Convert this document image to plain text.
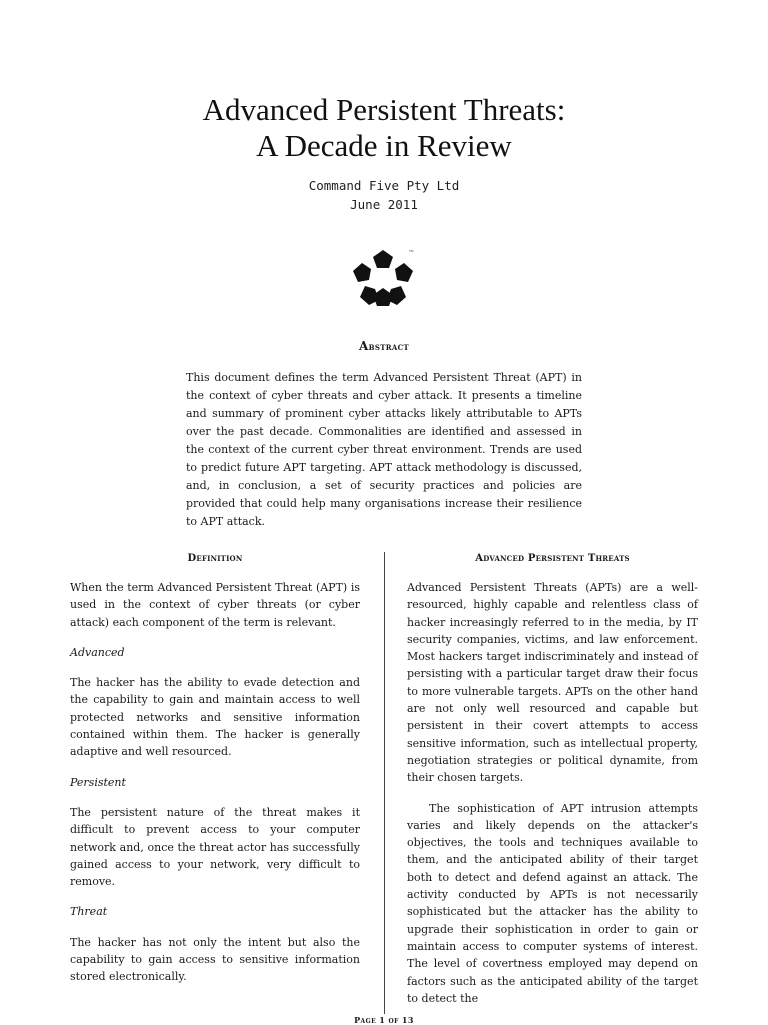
Advanced Persistent Threats:
A Decade in Review
Command Five Pty Ltd
June 2011
TM
Abstract
This document defines the term Advanced Persistent Threat (APT) in the context of cyber threats and cyber attack. It presents a timeline and summary of prominent cyber attacks likely attributable to APTs over the past decade. Commonalities are identified and assessed in the context of the current cyber threat environment. Trends are used to predict future APT targeting. APT attack methodology is discussed, and, in conclusion, a set of security practices and policies are provided that could help many organisations increase their resilience to APT attack.
Definition

When the term Advanced Persistent Threat (APT) is used in the context of cyber threats (or cyber attack) each component of the term is relevant.

Advanced

The hacker has the ability to evade detection and the capability to gain and maintain access to well protected networks and sensitive information contained within them. The hacker is generally adaptive and well resourced.

Persistent

The persistent nature of the threat makes it difficult to prevent access to your computer network and, once the threat actor has successfully gained access to your network, very difficult to remove.

Threat

The hacker has not only the intent but also the capability to gain access to sensitive information stored electronically.

Advanced Persistent Threats

Advanced Persistent Threats (APTs) are a well-resourced, highly capable and relentless class of hacker increasingly referred to in the media, by IT security companies, victims, and law enforcement. Most hackers target indiscriminately and instead of persisting with a particular target draw their focus to more vulnerable targets. APTs on the other hand are not only well resourced and capable but persistent in their covert attempts to access sensitive information, such as intellectual property, negotiation strategies or political dynamite, from their chosen targets.

The sophistication of APT intrusion attempts varies and likely depends on the attacker's objectives, the tools and techniques available to them, and the anticipated ability of their target both to detect and defend against an attack. The activity conducted by APTs is not necessarily sophisticated but the attacker has the ability to upgrade their sophistication in order to gain or maintain access to computer systems of interest. The level of covertness employed may depend on factors such as the anticipated ability of the target to detect the

Page 1 of 13
